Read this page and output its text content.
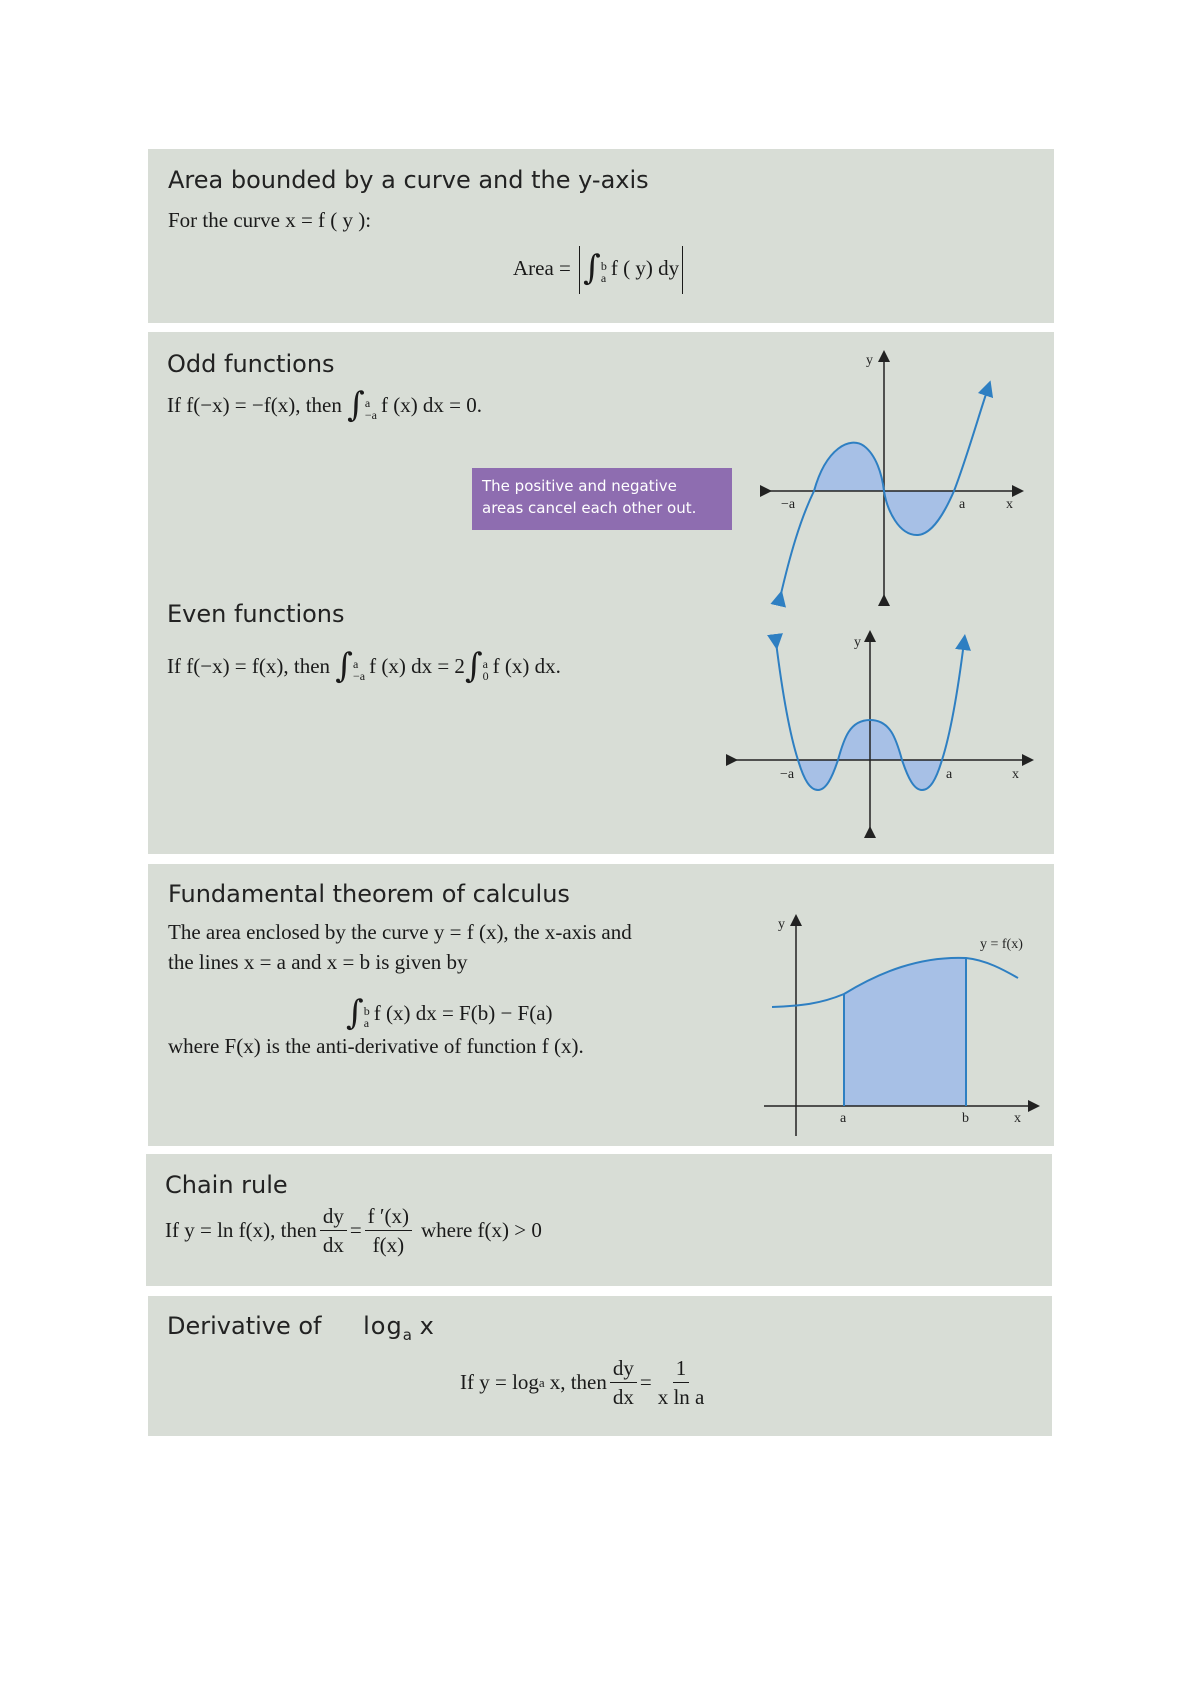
Area bounded by a curve and the y-axis
For the curve x = f ( y ):
Area = ∫ b
a f ( y) dy
Odd functions
If f(−x) = −f(x), then ∫ a
−a f (x) dx = 0.
The positive and negative areas cancel each other out.
y
−a	a	x
Even functions
If f(−x) = f(x), then ∫ a
−a f (x) dx = 2∫ a
0 f (x) dx.
y
−a	a	x
Fundamental theorem of calculus
The area enclosed by the curve y = f (x), the x-axis and
the lines x = a and x = b is given by
∫ b
a f (x) dx = F(b) − F(a)
where F(x) is the anti-derivative of function f (x).
y
y = f(x)
a	b	x
Chain rule
If y = ln f(x), then $\frac{dy}{dx} = \frac{f '(x)}{f(x)}$ where f(x) > 0
Derivative of $\log_a x$
If y = log a x, then $\frac{dy}{dx} = \frac{1}{\text{x ln a}}$
